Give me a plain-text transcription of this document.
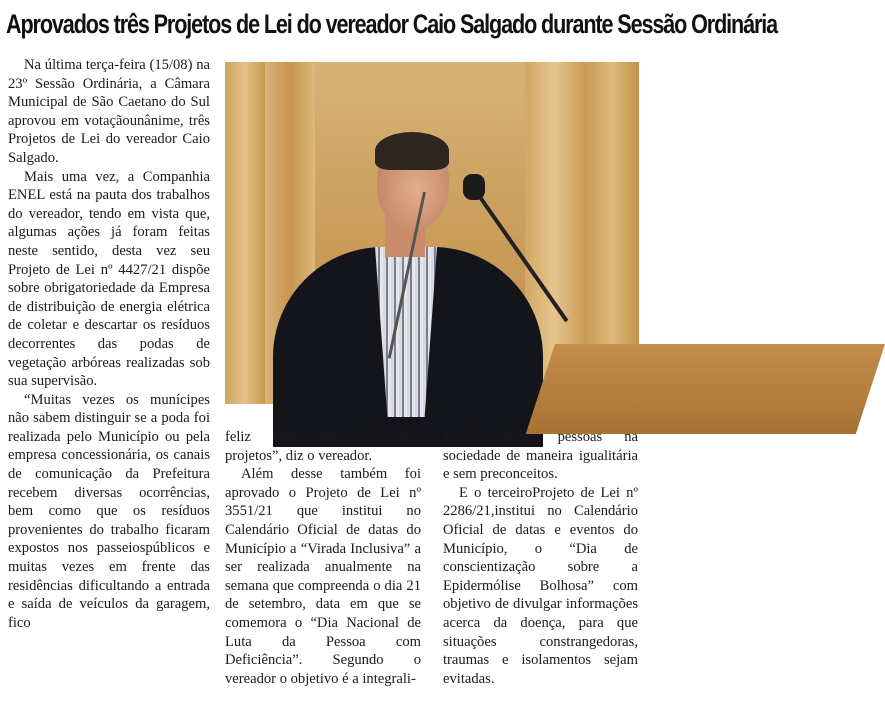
Aprovados três Projetos de Lei do vereador Caio Salgado durante Sessão Ordinária

Na última terça-feira (15/08) na 23º Sessão Ordinária, a Câmara Municipal de São Caetano do Sul aprovou em votaçãounânime, três Projetos de Lei do vereador Caio Salgado.

Mais uma vez, a Companhia ENEL está na pauta dos trabalhos do vereador, tendo em vista que, algumas ações já foram feitas neste sentido, desta vez seu Projeto de Lei nº 4427/21 dispõe sobre obrigatoriedade da Empresa de distribuição de energia elétrica de coletar e descartar os resíduos decorrentes das podas de vegetação arbóreas realizadas sob sua supervisão.

“Muitas vezes os munícipes não sabem distinguir se a poda foi realizada pelo Município ou pela empresa concessionária, os canais de comunicação da Prefeitura recebem diversas ocorrências, bem como que os resíduos provenientes do trabalho ficaram expostos nos passeiospúblicos e muitas vezes em frente das residências dificultando a entrada e saída de veículos da garagem, fico

feliz com aprovação dos projetos”, diz o vereador.

Além desse também foi aprovado o Projeto de Lei nº 3551/21 que institui no Calendário Oficial de datas do Município a “Virada Inclusiva” a ser realizada anualmente na semana que compreenda o dia 21 de setembro, data em que se comemora o “Dia Nacional de Luta da Pessoa com Deficiência”. Segundo o vereador o objetivo é a integrali-

zação dessas pessoas na sociedade de maneira igualitária e sem preconceitos.

E o terceiroProjeto de Lei nº 2286/21,institui no Calendário Oficial de datas e eventos do Município, o “Dia de conscientização sobre a Epidermólise Bolhosa” com objetivo de divulgar informações acerca da doença, para que situações constrangedoras, traumas e isolamentos sejam evitadas.
